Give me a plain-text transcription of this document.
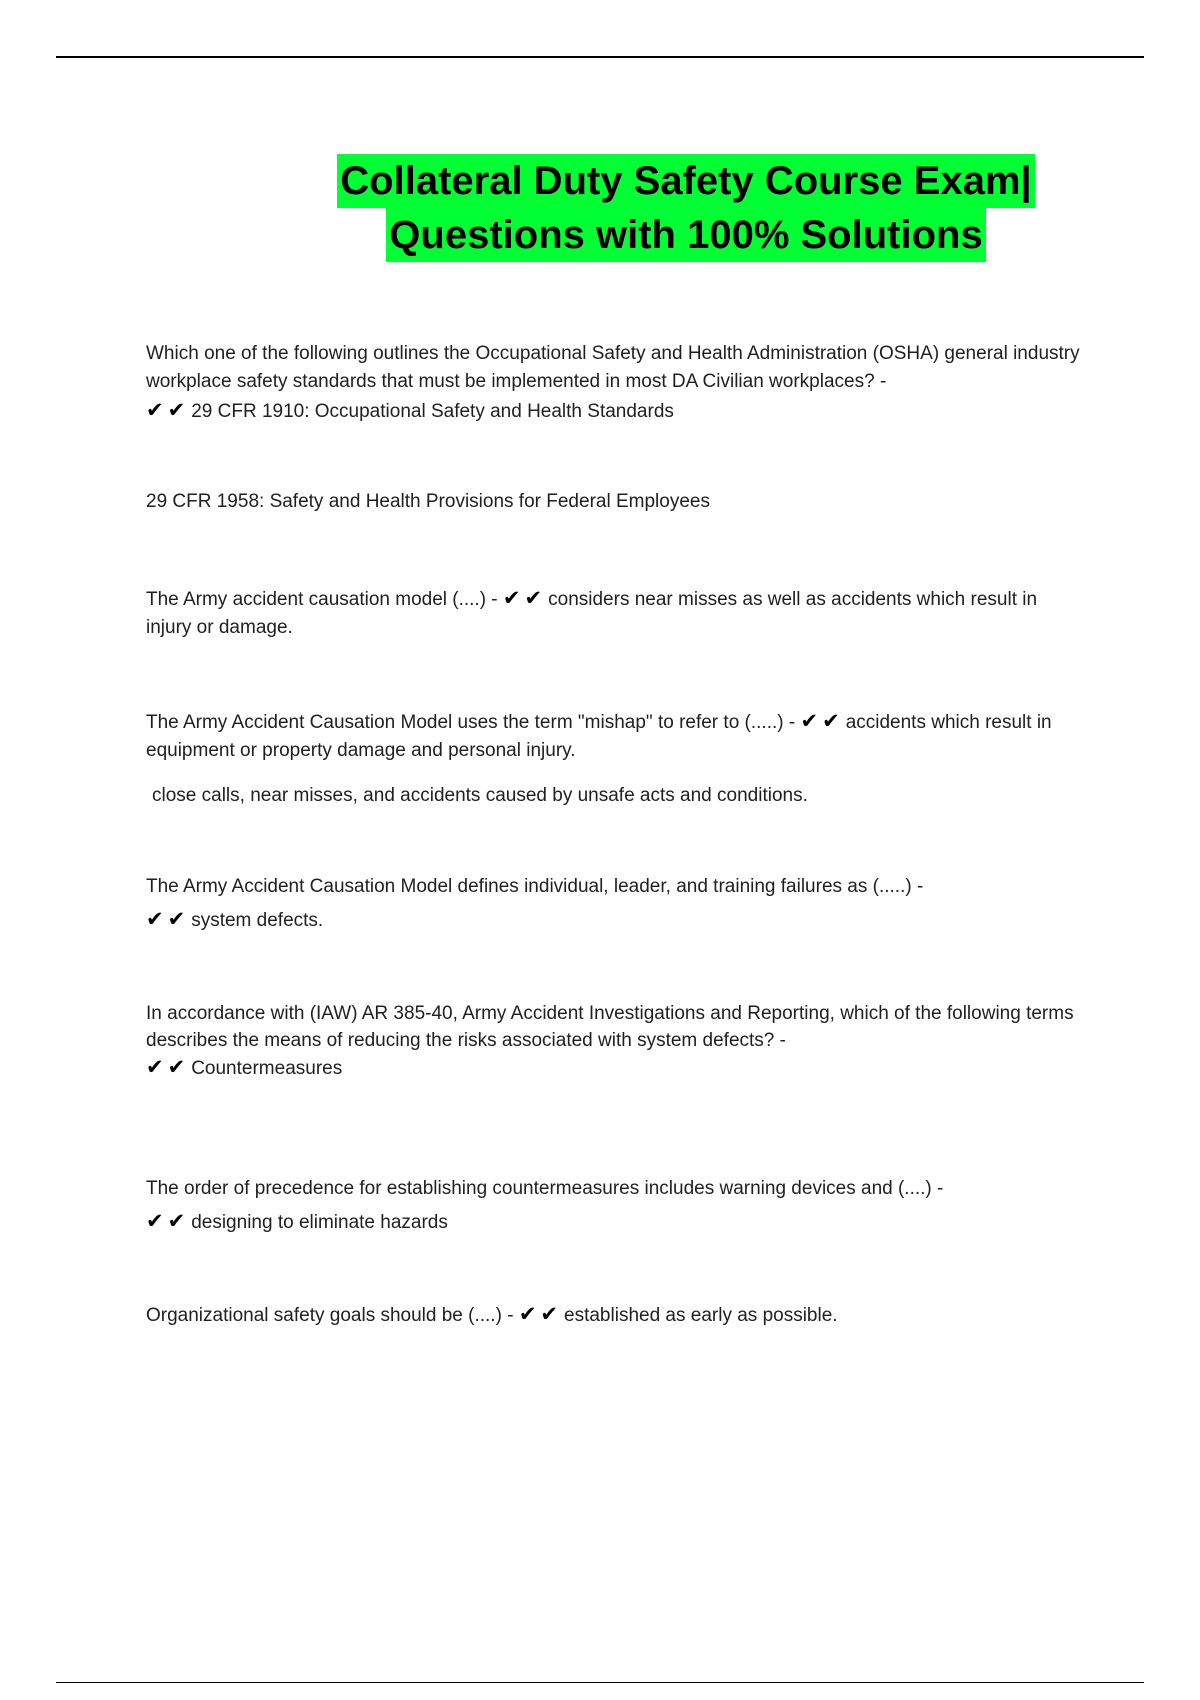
Collateral Duty Safety Course Exam|
Questions with 100% Solutions

Which one of the following outlines the Occupational Safety and Health Administration (OSHA) general industry workplace safety standards that must be implemented in most DA Civilian workplaces? -
✔✔ 29 CFR 1910: Occupational Safety and Health Standards

29 CFR 1958: Safety and Health Provisions for Federal Employees

The Army accident causation model (....) - ✔✔ considers near misses as well as accidents which result in injury or damage.

The Army Accident Causation Model uses the term "mishap" to refer to (.....) - ✔✔ accidents which result in equipment or property damage and personal injury.

close calls, near misses, and accidents caused by unsafe acts and conditions.

The Army Accident Causation Model defines individual, leader, and training failures as (.....) -
✔✔ system defects.

In accordance with (IAW) AR 385-40, Army Accident Investigations and Reporting, which of the following terms describes the means of reducing the risks associated with system defects? -
✔✔ Countermeasures

The order of precedence for establishing countermeasures includes warning devices and (....) -
✔✔ designing to eliminate hazards

Organizational safety goals should be (....) - ✔✔ established as early as possible.
